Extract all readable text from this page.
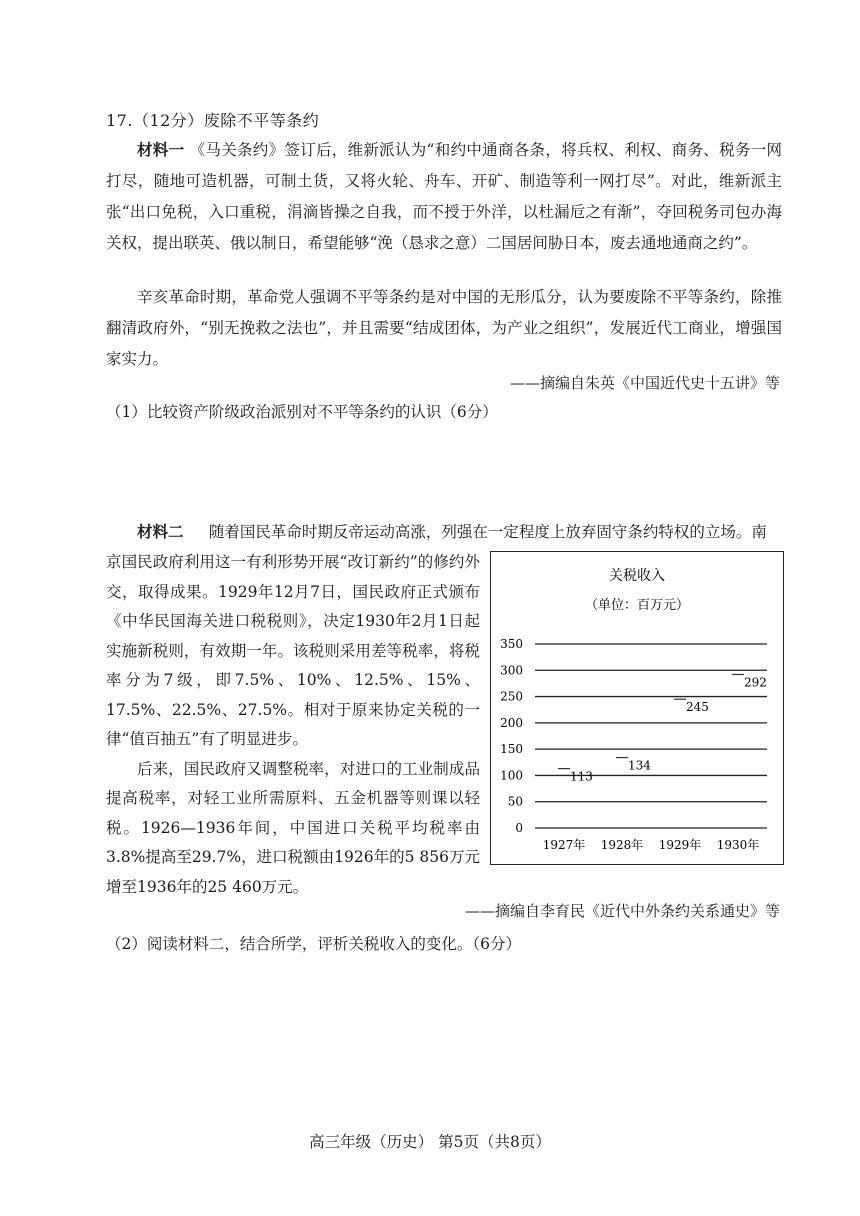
17.（12分）废除不平等条约
材料一 《马关条约》签订后，维新派认为“和约中通商各条，将兵权、利权、商务、税务一网打尽，随地可造机器，可制土货，又将火轮、舟车、开矿、制造等利一网打尽”。对此，维新派主张“出口免税，入口重税，涓滴皆操之自我，而不授于外洋，以杜漏卮之有渐”，夺回税务司包办海关权，提出联英、俄以制日，希望能够“浼（恳求之意）二国居间胁日本，废去通地通商之约”。
辛亥革命时期，革命党人强调不平等条约是对中国的无形瓜分，认为要废除不平等条约，除推翻清政府外，“别无挽救之法也”，并且需要“结成团体，为产业之组织”，发展近代工商业，增强国家实力。
——摘编自朱英《中国近代史十五讲》等
（1）比较资产阶级政治派别对不平等条约的认识（6分）
材料二 　 随着国民革命时期反帝运动高涨，列强在一定程度上放弃固守条约特权的立场。南
京国民政府利用这一有利形势开展“改订新约”的修约外交，取得成果。1929年12月7日，国民政府正式颁布《中华民国海关进口税税则》，决定1930年2月1日起实施新税则，有效期一年。该税则采用差等税率，将税率分为7级，即7.5%、10%、12.5%、15%、17.5%、22.5%、27.5%。相对于原来协定关税的一律“值百抽五”有了明显进步。
后来，国民政府又调整税率，对进口的工业制成品提高税率，对轻工业所需原料、五金机器等则课以轻税。1926—1936年间，中国进口关税平均税率由3.8%提高至29.7%，进口税额由1926年的5 856万元增至1936年的25 460万元。
关税收入
（单位：百万元）
0
50
100
150
200
250
300
350
1927年 1928年 1929年 1930年
113
134
245
292
——摘编自李育民《近代中外条约关系通史》等
（2）阅读材料二，结合所学，评析关税收入的变化。（6分）
高三年级（历史） 第5页（共8页）
